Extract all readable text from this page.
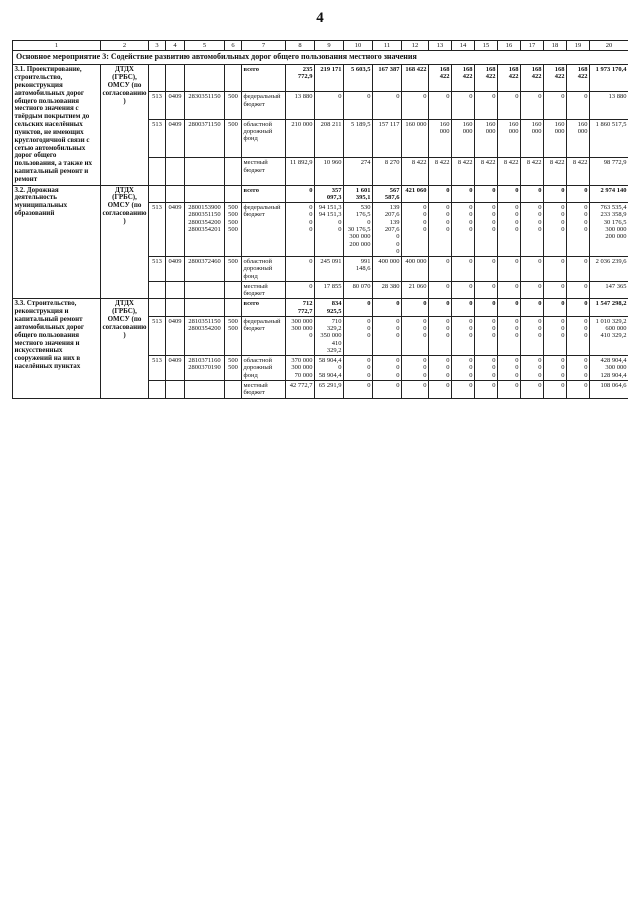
4
1	2	3	4	5	6	7	8	9	10	11	12	13	14	15	16	17	18	19	20
Основное мероприятие 3: Содействие развитию автомобильных дорог общего пользования местного значения																			
3.1. Проектирование, строительство, реконструкция автомобильных дорог общего пользования местного значения с твёрдым покрытием до сельских населённых пунктов, не имеющих круглогодичной связи с сетью автомобильных дорог общего пользования, а также их капитальный ремонт и ремонт	ДТДХ (ГРБС), ОМСУ (по согласованию)					всего	235 772,9	219 171	5 603,5	167 387	168 422	168 422	168 422	168 422	168 422	168 422	168 422	168 422	1 973 170,4
		513	0409	2830351150	500	федеральный бюджет	13 880	0	0	0	0	0	0	0	0	0	0	0	13 880
		513	0409	2800371150	500	областной дорожный фонд	210 000	208 211	5 189,5	157 117	160 000	160 000	160 000	160 000	160 000	160 000	160 000	160 000	1 860 517,5
						местный бюджет	11 892,9	10 960	274	8 270	8 422	8 422	8 422	8 422	8 422	8 422	8 422	8 422	98 772,9
3.2. Дорожная деятельность муниципальных образований	ДТДХ (ГРБС), ОМСУ (по согласованию)					всего	0	357 097,3	1 601 395,1	567 587,6	421 060	0	0	0	0	0	0	0	2 974 140
		513	0409	2800153900
2800351150
2800354200
2800354201	500
500
500
500	федеральный бюджет	0
0
0
0	94 151,3
94 151,3
0
0	530 176,5
0
30 176,5
300 000
200 000	139 207,6
139 207,6
0
0
0	0
0
0
0	0
0
0
0	0
0
0
0	0
0
0
0	0
0
0
0	0
0
0
0	0
0
0
0	0
0
0
0	763 535,4
233 358,9
30 176,5
300 000
200 000
		513	0409	2800372460	500	областной дорожный фонд	0	245 091	991 148,6	400 000	400 000	0	0	0	0	0	0	0	2 036 239,6
						местный бюджет	0	17 855	80 070	28 380	21 060	0	0	0	0	0	0	0	147 365
3.3. Строительство, реконструкция и капитальный ремонт автомобильных дорог общего пользования местного значения и искусственных сооружений на них в населённых пунктах	ДТДХ (ГРБС), ОМСУ (по согласованию)					всего	712 772,7	834 925,5	0	0	0	0	0	0	0	0	0	0	1 547 298,2
		513	0409	2810351150
2800354200	500
500	федеральный бюджет	300 000
300 000
0	710 329,2
350 000
410 329,2	0
0
0	0
0
0	0
0
0	0
0
0	0
0
0	0
0
0	0
0
0	0
0
0	0
0
0	0
0
0	1 010 329,2
600 000
410 329,2
		513	0409	2810371160
2800370190	500
500	областной дорожный фонд	370 000
300 000
70 000	58 904,4
0
58 904,4	0
0
0	0
0
0	0
0
0	0
0
0	0
0
0	0
0
0	0
0
0	0
0
0	0
0
0	0
0
0	428 904,4
300 000
128 904,4
						местный бюджет	42 772,7	65 291,9	0	0	0	0	0	0	0	0	0	0	108 064,6
